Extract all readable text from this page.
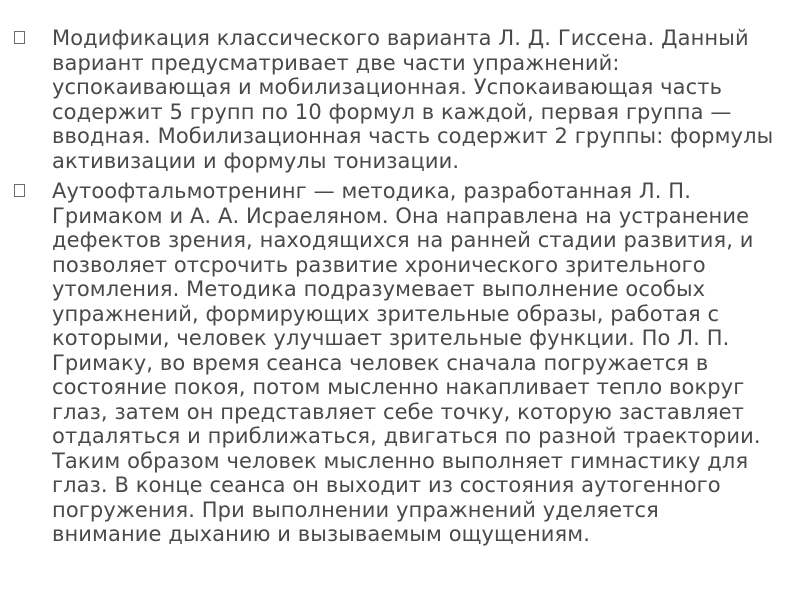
Модификация классического варианта Л. Д. Гиссена. Данный вариант предусматривает две части упражнений: успокаивающая и мобилизационная. Успокаивающая часть содержит 5 групп по 10 формул в каждой, первая группа — вводная. Мобилизационная часть содержит 2 группы: формулы активизации и формулы тонизации.
Аутоофтальмотренинг — методика, разработанная Л. П. Гримаком и А. А. Исраеляном. Она направлена на устранение дефектов зрения, находящихся на ранней стадии развития, и позволяет отсрочить развитие хронического зрительного утомления. Методика подразумевает выполнение особых упражнений, формирующих зрительные образы, работая с которыми, человек улучшает зрительные функции. По Л. П. Гримаку, во время сеанса человек сначала погружается в состояние покоя, потом мысленно накапливает тепло вокруг глаз, затем он представляет себе точку, которую заставляет отдаляться и приближаться, двигаться по разной траектории. Таким образом человек мысленно выполняет гимнастику для глаз. В конце сеанса он выходит из состояния аутогенного погружения. При выполнении упражнений уделяется внимание дыханию и вызываемым ощущениям.
